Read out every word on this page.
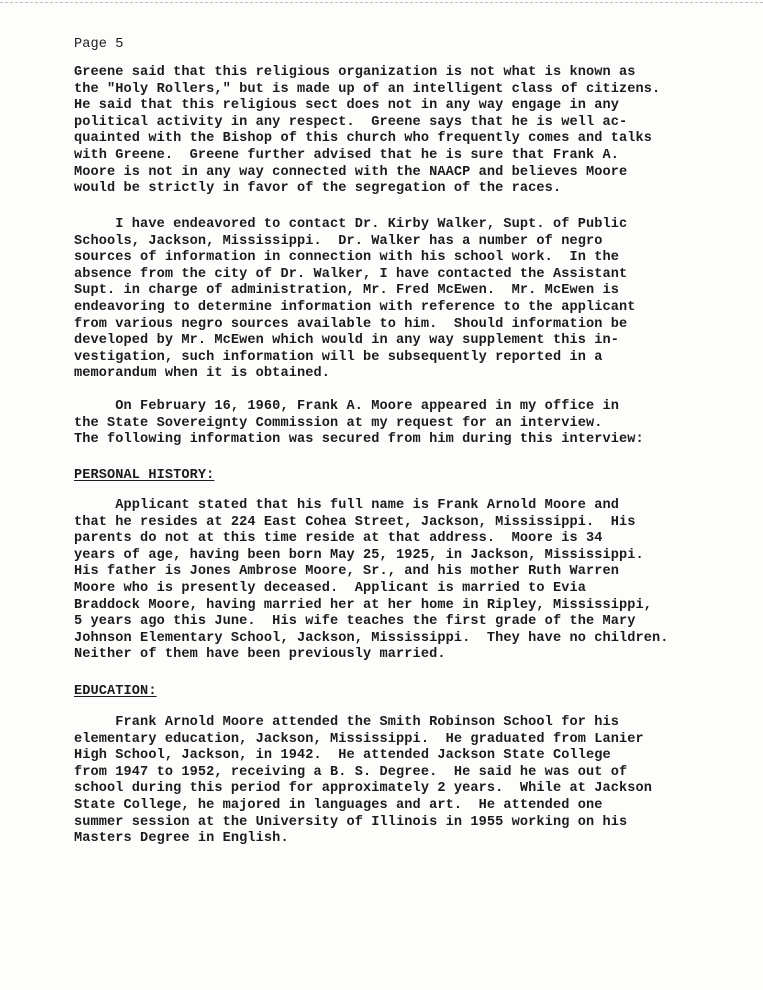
Page 5
Greene said that this religious organization is not what is known as
the "Holy Rollers," but is made up of an intelligent class of citizens.
He said that this religious sect does not in any way engage in any
political activity in any respect.  Greene says that he is well ac-
quainted with the Bishop of this church who frequently comes and talks
with Greene.  Greene further advised that he is sure that Frank A.
Moore is not in any way connected with the NAACP and believes Moore
would be strictly in favor of the segregation of the races.
I have endeavored to contact Dr. Kirby Walker, Supt. of Public
Schools, Jackson, Mississippi.  Dr. Walker has a number of negro
sources of information in connection with his school work.  In the
absence from the city of Dr. Walker, I have contacted the Assistant
Supt. in charge of administration, Mr. Fred McEwen.  Mr. McEwen is
endeavoring to determine information with reference to the applicant
from various negro sources available to him.  Should information be
developed by Mr. McEwen which would in any way supplement this in-
vestigation, such information will be subsequently reported in a
memorandum when it is obtained.
On February 16, 1960, Frank A. Moore appeared in my office in
the State Sovereignty Commission at my request for an interview.
The following information was secured from him during this interview:
PERSONAL HISTORY:
Applicant stated that his full name is Frank Arnold Moore and
that he resides at 224 East Cohea Street, Jackson, Mississippi.  His
parents do not at this time reside at that address.  Moore is 34
years of age, having been born May 25, 1925, in Jackson, Mississippi.
His father is Jones Ambrose Moore, Sr., and his mother Ruth Warren
Moore who is presently deceased.  Applicant is married to Evia
Braddock Moore, having married her at her home in Ripley, Mississippi,
5 years ago this June.  His wife teaches the first grade of the Mary
Johnson Elementary School, Jackson, Mississippi.  They have no children.
Neither of them have been previously married.
EDUCATION:
Frank Arnold Moore attended the Smith Robinson School for his
elementary education, Jackson, Mississippi.  He graduated from Lanier
High School, Jackson, in 1942.  He attended Jackson State College
from 1947 to 1952, receiving a B. S. Degree.  He said he was out of
school during this period for approximately 2 years.  While at Jackson
State College, he majored in languages and art.  He attended one
summer session at the University of Illinois in 1955 working on his
Masters Degree in English.
